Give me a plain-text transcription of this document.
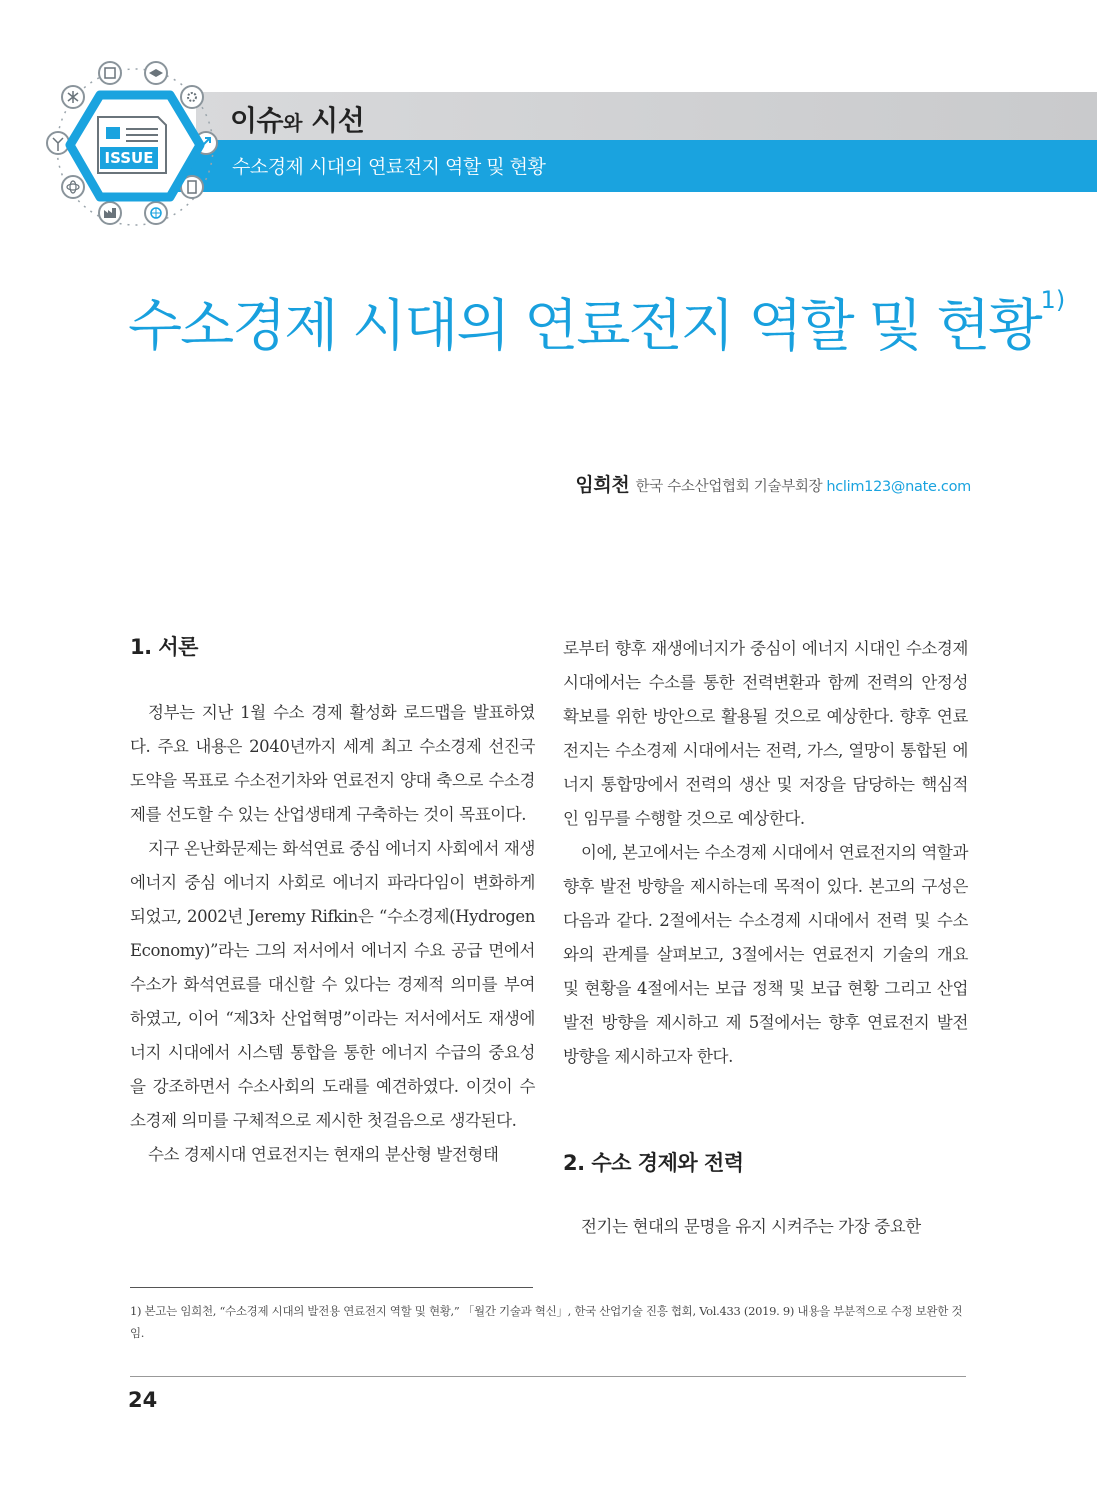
이슈와 시선

수소경제 시대의 연료전지 역할 및 현황

ISSUE
수소경제 시대의 연료전지 역할 및 현황$^{1)}$

임희천 한국 수소산업협회 기술부회장 hclim123@nate.com

1. 서론

정부는 지난 1월 수소 경제 활성화 로드맵을 발표하였다. 주요 내용은 2040년까지 세계 최고 수소경제 선진국 도약을 목표로 수소전기차와 연료전지 양대 축으로 수소경제를 선도할 수 있는 산업생태계 구축하는 것이 목표이다.

지구 온난화문제는 화석연료 중심 에너지 사회에서 재생에너지 중심 에너지 사회로 에너지 파라다임이 변화하게 되었고, 2002년 Jeremy Rifkin은 “수소경제(Hydrogen Economy)”라는 그의 저서에서 에너지 수요 공급 면에서 수소가 화석연료를 대신할 수 있다는 경제적 의미를 부여하였고, 이어 “제3차 산업혁명”이라는 저서에서도 재생에너지 시대에서 시스템 통합을 통한 에너지 수급의 중요성을 강조하면서 수소사회의 도래를 예견하였다. 이것이 수소경제 의미를 구체적으로 제시한 첫걸음으로 생각된다.

수소 경제시대 연료전지는 현재의 분산형 발전형태

로부터 향후 재생에너지가 중심이 에너지 시대인 수소경제 시대에서는 수소를 통한 전력변환과 함께 전력의 안정성 확보를 위한 방안으로 활용될 것으로 예상한다. 향후 연료전지는 수소경제 시대에서는 전력, 가스, 열망이 통합된 에너지 통합망에서 전력의 생산 및 저장을 담당하는 핵심적인 임무를 수행할 것으로 예상한다.

이에, 본고에서는 수소경제 시대에서 연료전지의 역할과 향후 발전 방향을 제시하는데 목적이 있다. 본고의 구성은 다음과 같다. 2절에서는 수소경제 시대에서 전력 및 수소와의 관계를 살펴보고, 3절에서는 연료전지 기술의 개요 및 현황을 4절에서는 보급 정책 및 보급 현황 그리고 산업 발전 방향을 제시하고 제 5절에서는 향후 연료전지 발전 방향을 제시하고자 한다.

2. 수소 경제와 전력

전기는 현대의 문명을 유지 시켜주는 가장 중요한

1) 본고는 임희천, “수소경제 시대의 발전용 연료전지 역할 및 현황,” 「월간 기술과 혁신」, 한국 산업기술 진흥 협회, Vol.433 (2019. 9) 내용을 부분적으로 수정 보완한 것임.

24
